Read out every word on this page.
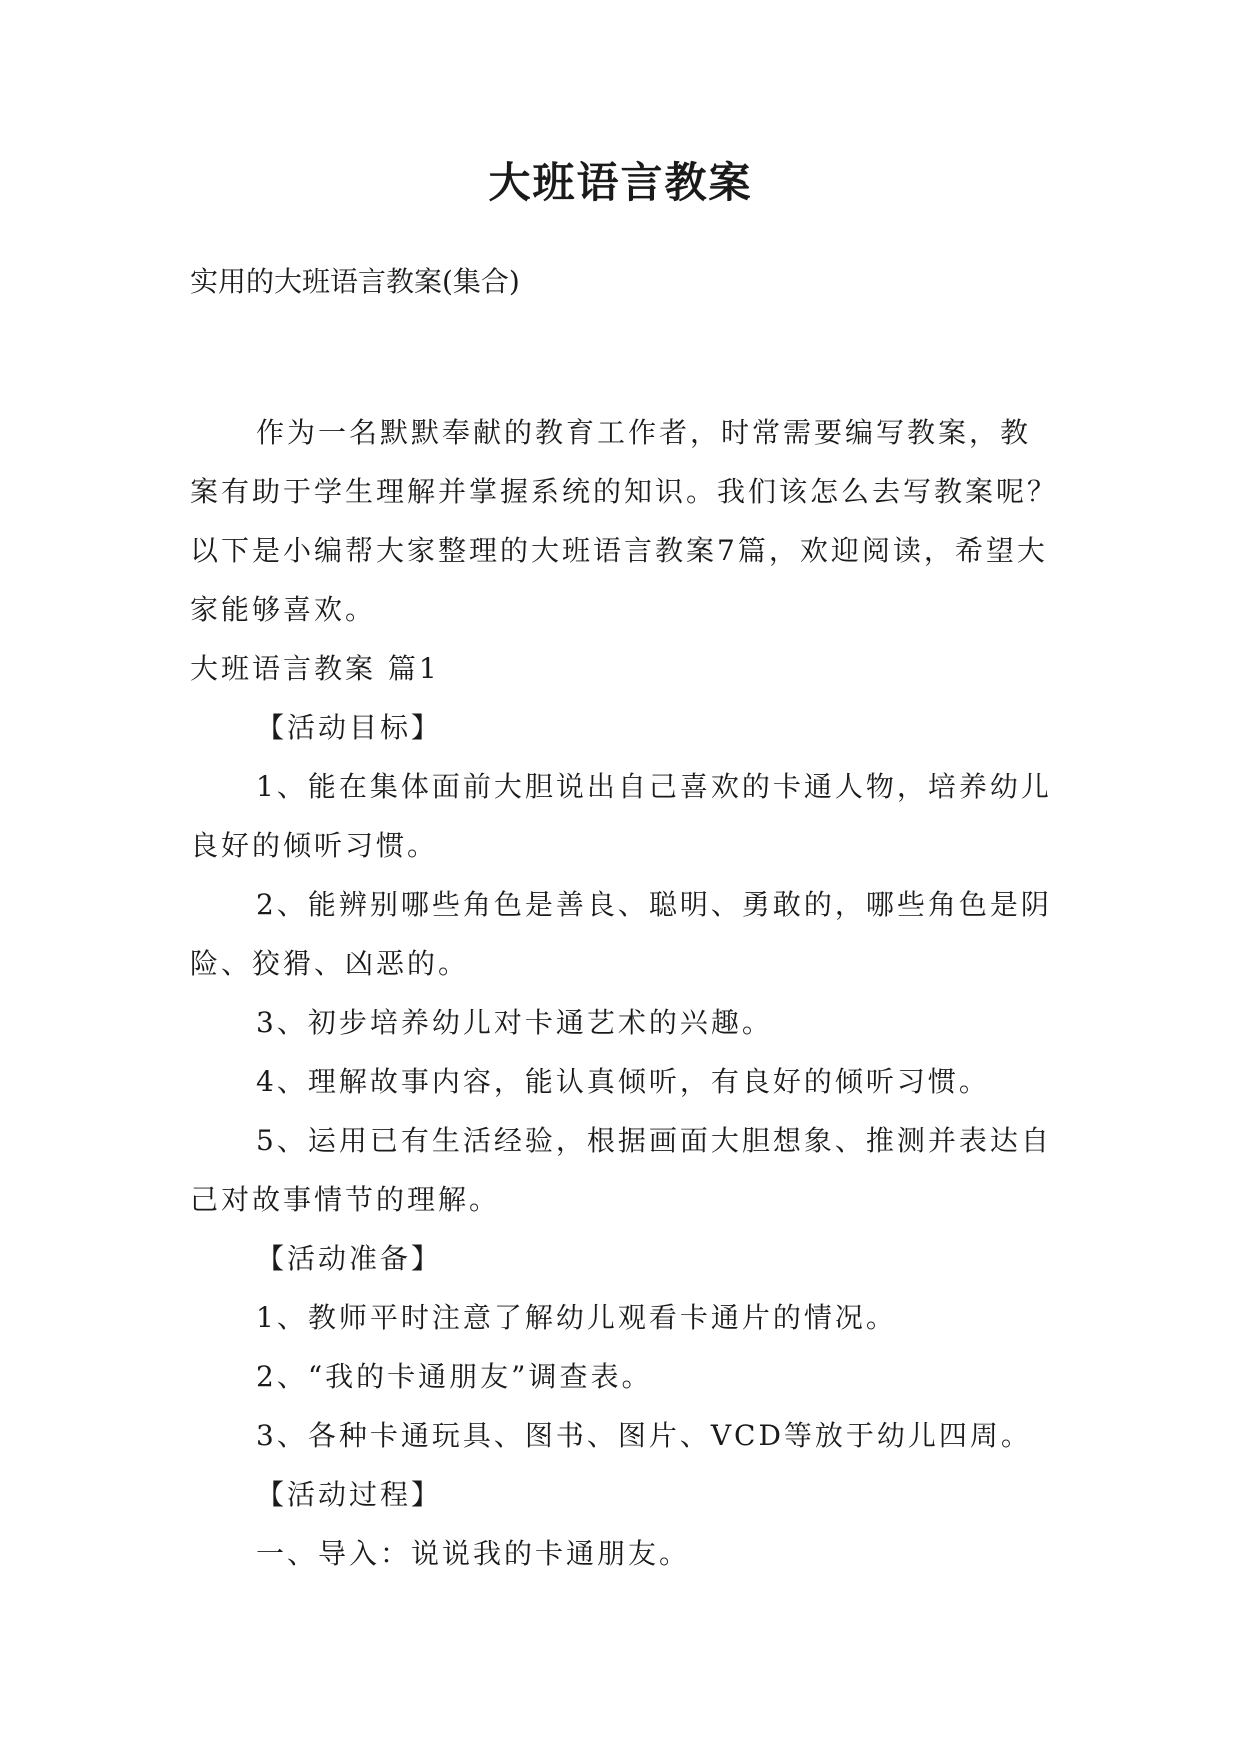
大班语言教案
实用的大班语言教案(集合)

作为一名默默奉献的教育工作者，时常需要编写教案，教案有助于学生理解并掌握系统的知识。我们该怎么去写教案呢？以下是小编帮大家整理的大班语言教案7篇，欢迎阅读，希望大家能够喜欢。

大班语言教案 篇1

【活动目标】

1、能在集体面前大胆说出自己喜欢的卡通人物，培养幼儿良好的倾听习惯。

2、能辨别哪些角色是善良、聪明、勇敢的，哪些角色是阴险、狡猾、凶恶的。

3、初步培养幼儿对卡通艺术的兴趣。

4、理解故事内容，能认真倾听，有良好的倾听习惯。

5、运用已有生活经验，根据画面大胆想象、推测并表达自己对故事情节的理解。

【活动准备】

1、教师平时注意了解幼儿观看卡通片的情况。

2、“我的卡通朋友”调查表。

3、各种卡通玩具、图书、图片、VCD等放于幼儿四周。

【活动过程】

一、导入：说说我的卡通朋友。
